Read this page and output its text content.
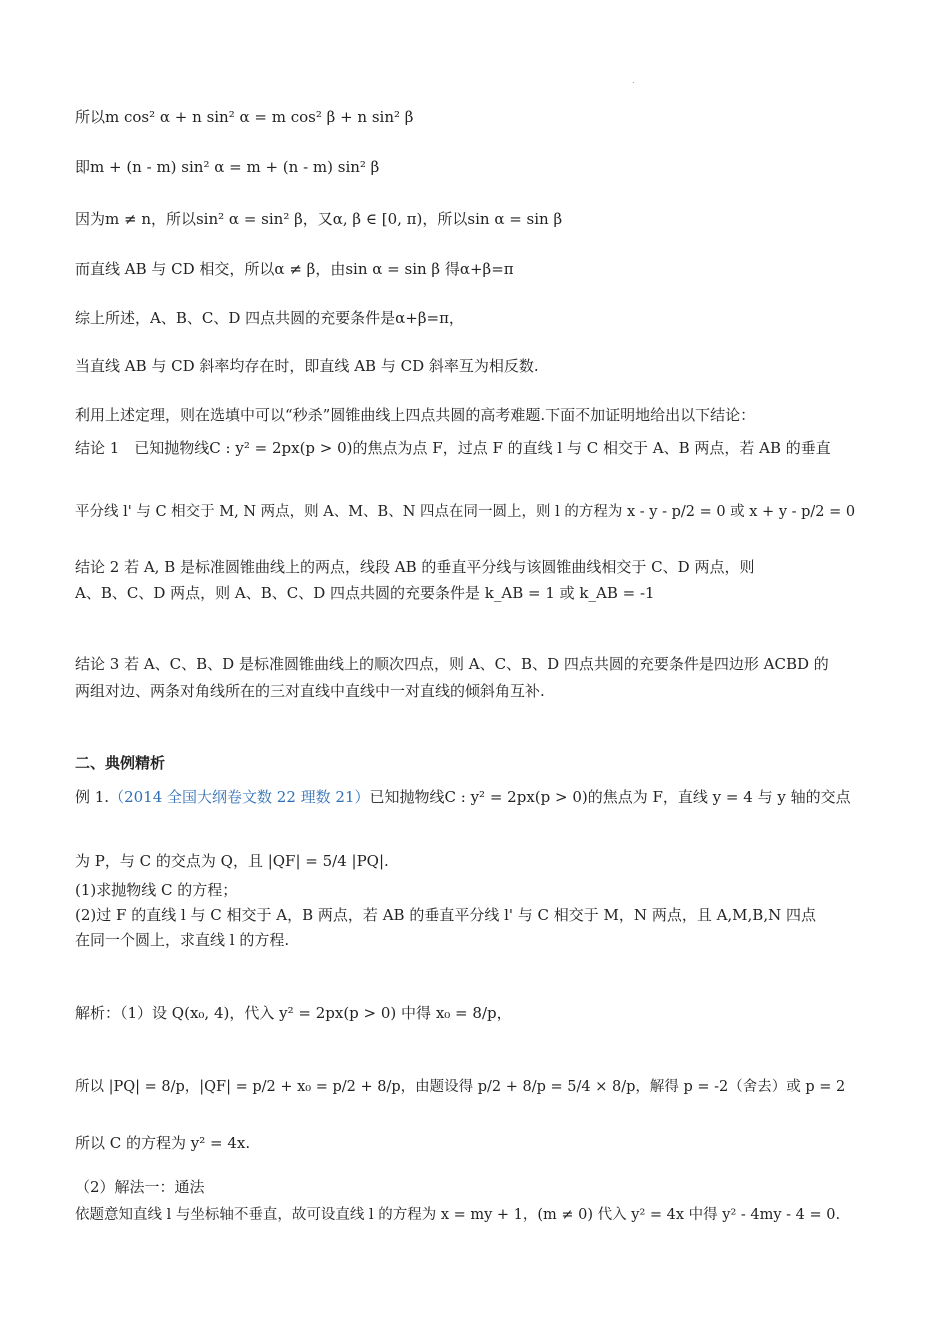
.
所以m cos² α + n sin² α = m cos² β + n sin² β
即m + (n - m) sin² α = m + (n - m) sin² β
因为m ≠ n，所以sin² α = sin² β，又α, β ∈ [0, π)，所以sin α = sin β
而直线 AB 与 CD 相交，所以α ≠ β，由sin α = sin β 得α+β=π
综上所述，A、B、C、D 四点共圆的充要条件是α+β=π，
当直线 AB 与 CD 斜率均存在时，即直线 AB 与 CD 斜率互为相反数.
利用上述定理，则在选填中可以“秒杀”圆锥曲线上四点共圆的高考难题.下面不加证明地给出以下结论：
结论 1　已知抛物线C : y² = 2px(p > 0)的焦点为点 F，过点 F 的直线 l 与 C 相交于 A、B 两点，若 AB 的垂直
平分线 l' 与 C 相交于 M, N 两点，则 A、M、B、N 四点在同一圆上，则 l 的方程为 x - y - p/2 = 0 或 x + y - p/2 = 0
结论 2 若 A, B 是标准圆锥曲线上的两点，线段 AB 的垂直平分线与该圆锥曲线相交于 C、D 两点，则
A、B、C、D 两点，则 A、B、C、D 四点共圆的充要条件是 k_AB = 1 或 k_AB = -1
结论 3 若 A、C、B、D 是标准圆锥曲线上的顺次四点，则 A、C、B、D 四点共圆的充要条件是四边形 ACBD 的
两组对边、两条对角线所在的三对直线中直线中一对直线的倾斜角互补.
二、典例精析
例 1.（2014 全国大纲卷文数 22 理数 21）已知抛物线C : y² = 2px(p > 0)的焦点为 F，直线 y = 4 与 y 轴的交点
为 P，与 C 的交点为 Q，且 |QF| = 5/4 |PQ|.
(1)求抛物线 C 的方程；
(2)过 F 的直线 l 与 C 相交于 A，B 两点，若 AB 的垂直平分线 l' 与 C 相交于 M，N 两点，且 A,M,B,N 四点
在同一个圆上，求直线 l 的方程.
解析：（1）设 Q(x₀, 4)，代入 y² = 2px(p > 0) 中得 x₀ = 8/p，
所以 |PQ| = 8/p，|QF| = p/2 + x₀ = p/2 + 8/p，由题设得 p/2 + 8/p = 5/4 × 8/p，解得 p = -2（舍去）或 p = 2
所以 C 的方程为 y² = 4x.
（2）解法一：通法
依题意知直线 l 与坐标轴不垂直，故可设直线 l 的方程为 x = my + 1，(m ≠ 0) 代入 y² = 4x 中得 y² - 4my - 4 = 0.
